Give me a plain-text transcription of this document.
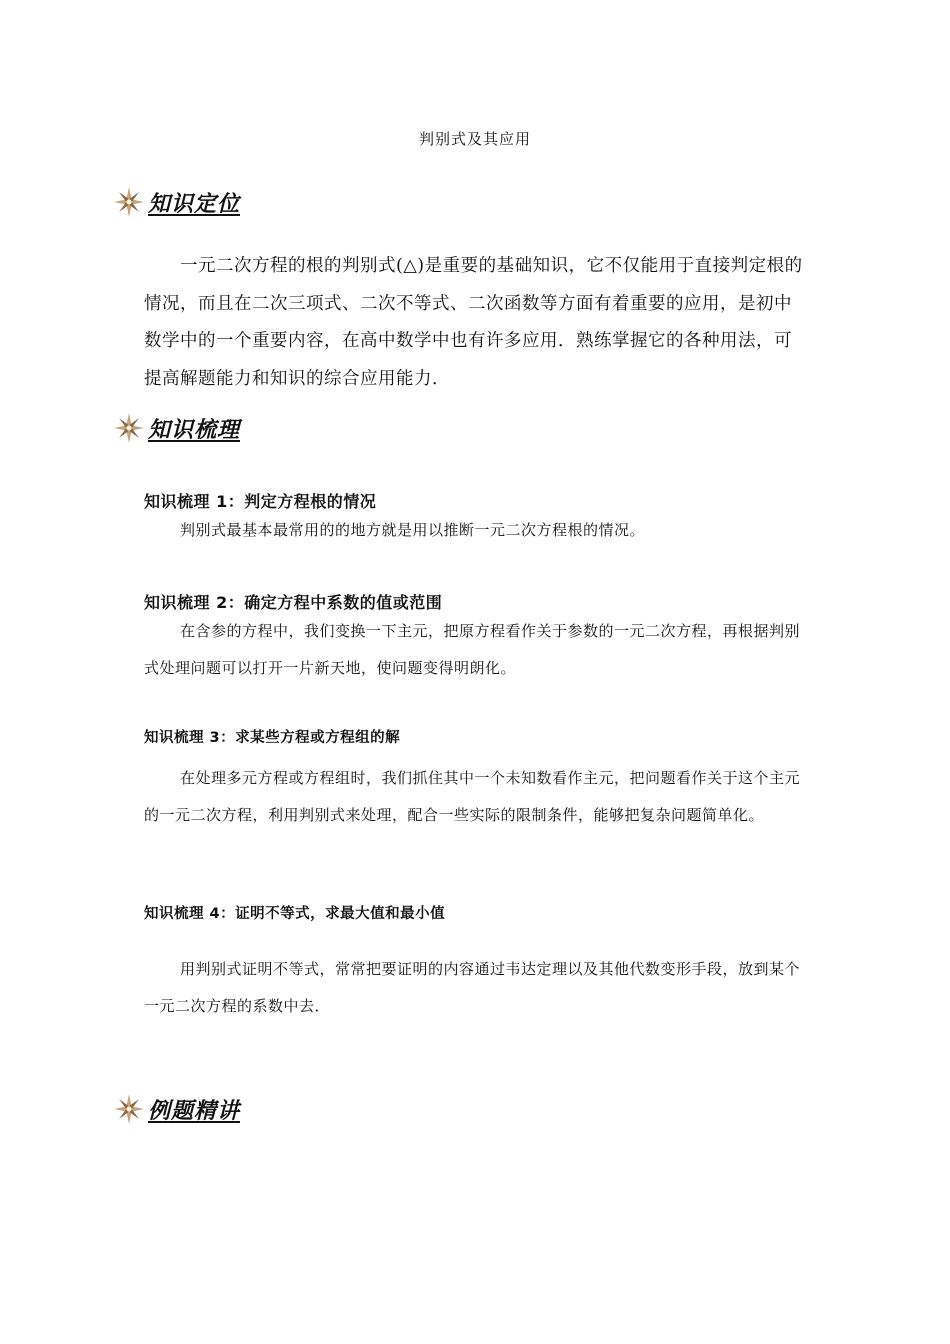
判别式及其应用
知识定位
一元二次方程的根的判别式(△)是重要的基础知识，它不仅能用于直接判定根的情况，而且在二次三项式、二次不等式、二次函数等方面有着重要的应用，是初中数学中的一个重要内容，在高中数学中也有许多应用．熟练掌握它的各种用法，可提高解题能力和知识的综合应用能力．
知识梳理
知识梳理 1：判定方程根的情况
判别式最基本最常用的的地方就是用以推断一元二次方程根的情况。
知识梳理 2：确定方程中系数的值或范围
在含参的方程中，我们变换一下主元，把原方程看作关于参数的一元二次方程，再根据判别式处理问题可以打开一片新天地，使问题变得明朗化。
知识梳理 3：求某些方程或方程组的解
在处理多元方程或方程组时，我们抓住其中一个未知数看作主元，把问题看作关于这个主元的一元二次方程，利用判别式来处理，配合一些实际的限制条件，能够把复杂问题简单化。
知识梳理 4：证明不等式，求最大值和最小值
用判别式证明不等式，常常把要证明的内容通过韦达定理以及其他代数变形手段，放到某个一元二次方程的系数中去．
例题精讲
